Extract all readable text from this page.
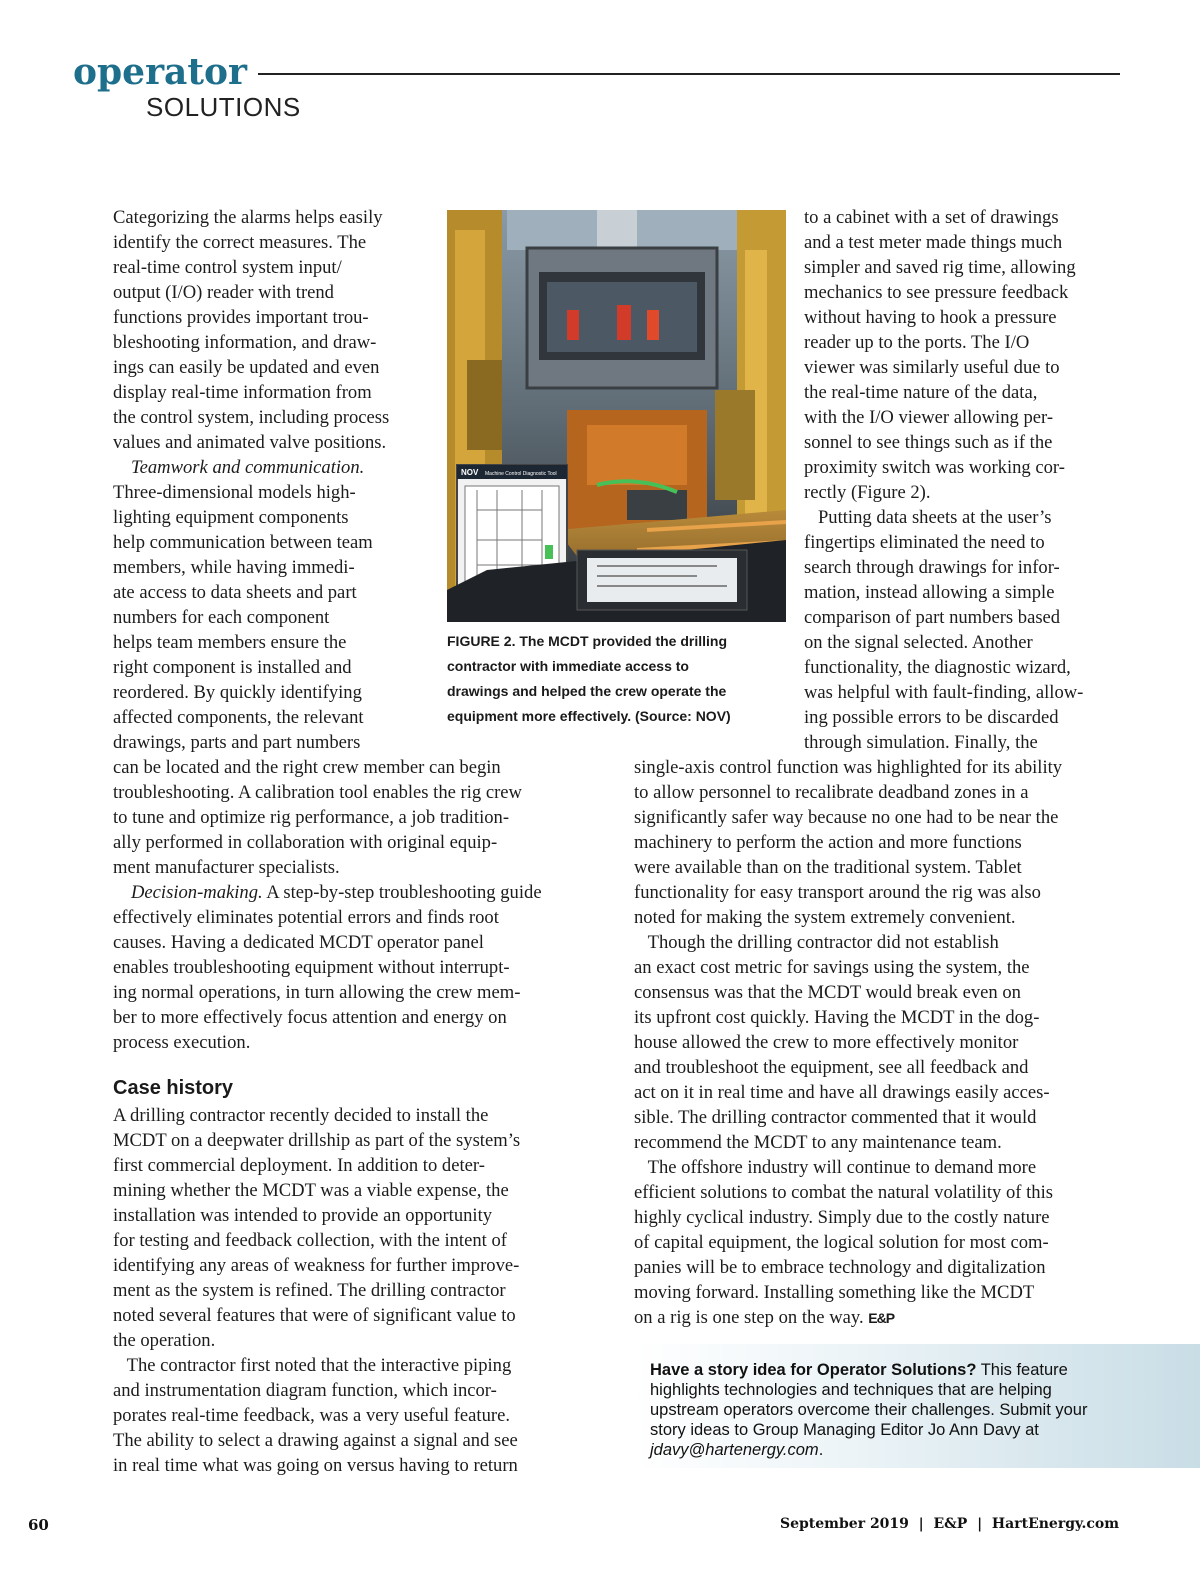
operator
SOLUTIONS
Categorizing the alarms helps easily
identify the correct measures. The
real-time control system input/
output (I/O) reader with trend
functions provides important trou-
bleshooting information, and draw-
ings can easily be updated and even
display real-time information from
the control system, including process
values and animated valve positions.
Teamwork and communication.
Three-dimensional models high-
lighting equipment components
help communication between team
members, while having immedi-
ate access to data sheets and part
numbers for each component
helps team members ensure the
right component is installed and
reordered. By quickly identifying
affected components, the relevant
drawings, parts and part numbers
can be located and the right crew member can begin
troubleshooting. A calibration tool enables the rig crew
to tune and optimize rig performance, a job tradition-
ally performed in collaboration with original equip-
ment manufacturer specialists.
Decision-making. A step-by-step troubleshooting guide
effectively eliminates potential errors and finds root
causes. Having a dedicated MCDT operator panel
enables troubleshooting equipment without interrupt-
ing normal operations, in turn allowing the crew mem-
ber to more effectively focus attention and energy on
process execution.
Case history
A drilling contractor recently decided to install the
MCDT on a deepwater drillship as part of the system’s
first commercial deployment. In addition to deter-
mining whether the MCDT was a viable expense, the
installation was intended to provide an opportunity
for testing and feedback collection, with the intent of
identifying any areas of weakness for further improve-
ment as the system is refined. The drilling contractor
noted several features that were of significant value to
the operation.
The contractor first noted that the interactive piping
and instrumentation diagram function, which incor-
porates real-time feedback, was a very useful feature.
The ability to select a drawing against a signal and see
in real time what was going on versus having to return
NOV Machine Control Diagnostic Tool
FIGURE 2. The MCDT provided the drilling
contractor with immediate access to
drawings and helped the crew operate the
equipment more effectively. (Source: NOV)
to a cabinet with a set of drawings
and a test meter made things much
simpler and saved rig time, allowing
mechanics to see pressure feedback
without having to hook a pressure
reader up to the ports. The I/O
viewer was similarly useful due to
the real-time nature of the data,
with the I/O viewer allowing per-
sonnel to see things such as if the
proximity switch was working cor-
rectly (Figure 2).
Putting data sheets at the user’s
fingertips eliminated the need to
search through drawings for infor-
mation, instead allowing a simple
comparison of part numbers based
on the signal selected. Another
functionality, the diagnostic wizard,
was helpful with fault-finding, allow-
ing possible errors to be discarded
through simulation. Finally, the
single-axis control function was highlighted for its ability
to allow personnel to recalibrate deadband zones in a
significantly safer way because no one had to be near the
machinery to perform the action and more functions
were available than on the traditional system. Tablet
functionality for easy transport around the rig was also
noted for making the system extremely convenient.
Though the drilling contractor did not establish
an exact cost metric for savings using the system, the
consensus was that the MCDT would break even on
its upfront cost quickly. Having the MCDT in the dog-
house allowed the crew to more effectively monitor
and troubleshoot the equipment, see all feedback and
act on it in real time and have all drawings easily acces-
sible. The drilling contractor commented that it would
recommend the MCDT to any maintenance team.
The offshore industry will continue to demand more
efficient solutions to combat the natural volatility of this
highly cyclical industry. Simply due to the costly nature
of capital equipment, the logical solution for most com-
panies will be to embrace technology and digitalization
moving forward. Installing something like the MCDT
on a rig is one step on the way. E&P
Have a story idea for Operator Solutions? This feature
highlights technologies and techniques that are helping
upstream operators overcome their challenges. Submit your
story ideas to Group Managing Editor Jo Ann Davy at
jdavy@hartenergy.com.
60	September 2019  |  E&P  |  HartEnergy.com
